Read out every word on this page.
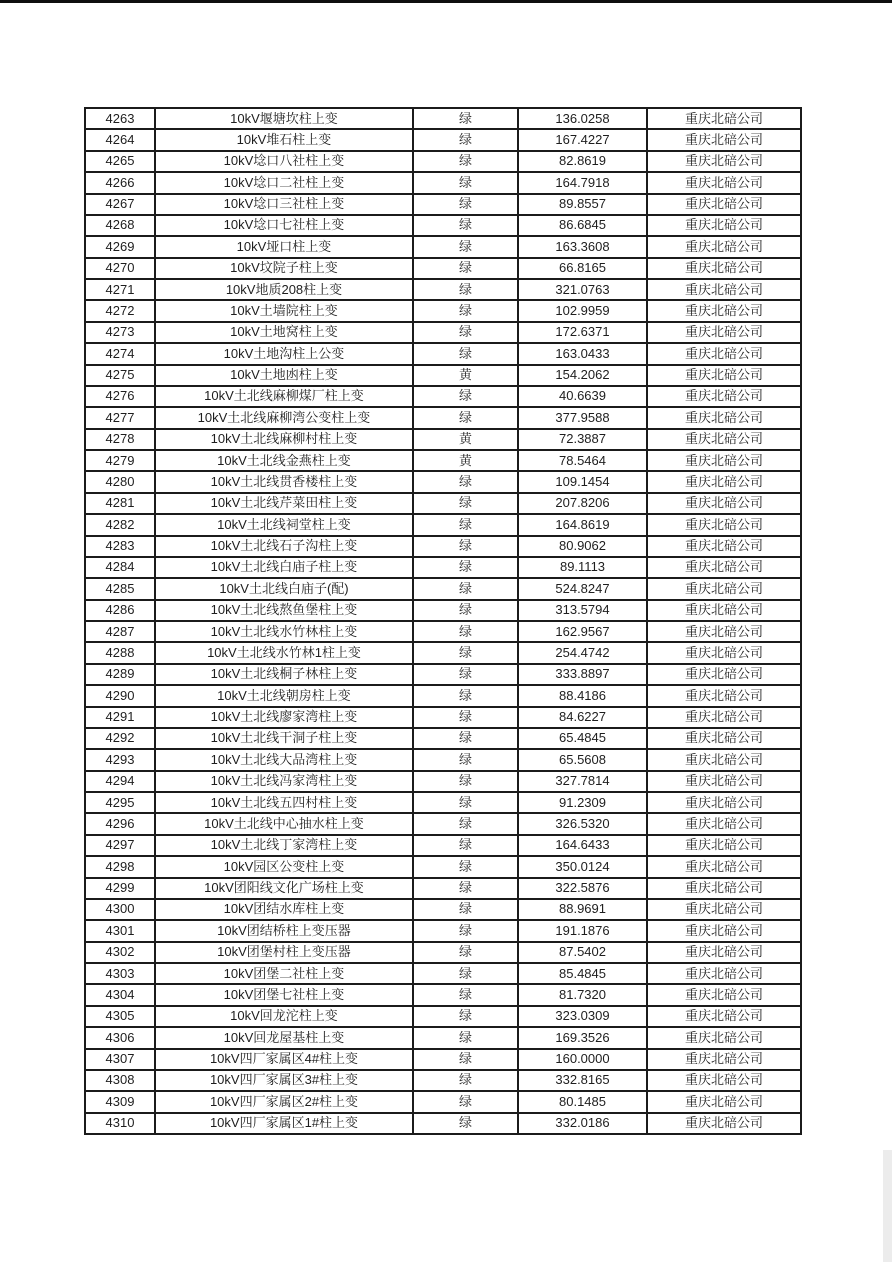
4263	10kV堰塘坎柱上变	绿	136.0258	重庆北碚公司
4264	10kV堆石柱上变	绿	167.4227	重庆北碚公司
4265	10kV埝口八社柱上变	绿	82.8619	重庆北碚公司
4266	10kV埝口二社柱上变	绿	164.7918	重庆北碚公司
4267	10kV埝口三社柱上变	绿	89.8557	重庆北碚公司
4268	10kV埝口七社柱上变	绿	86.6845	重庆北碚公司
4269	10kV垭口柱上变	绿	163.3608	重庆北碚公司
4270	10kV坟院子柱上变	绿	66.8165	重庆北碚公司
4271	10kV地质208柱上变	绿	321.0763	重庆北碚公司
4272	10kV土墙院柱上变	绿	102.9959	重庆北碚公司
4273	10kV土地窝柱上变	绿	172.6371	重庆北碚公司
4274	10kV土地沟柱上公变	绿	163.0433	重庆北碚公司
4275	10kV土地凼柱上变	黄	154.2062	重庆北碚公司
4276	10kV土北线麻柳煤厂柱上变	绿	40.6639	重庆北碚公司
4277	10kV土北线麻柳湾公变柱上变	绿	377.9588	重庆北碚公司
4278	10kV土北线麻柳村柱上变	黄	72.3887	重庆北碚公司
4279	10kV土北线金燕柱上变	黄	78.5464	重庆北碚公司
4280	10kV土北线贯香楼柱上变	绿	109.1454	重庆北碚公司
4281	10kV土北线芹菜田柱上变	绿	207.8206	重庆北碚公司
4282	10kV土北线祠堂柱上变	绿	164.8619	重庆北碚公司
4283	10kV土北线石子沟柱上变	绿	80.9062	重庆北碚公司
4284	10kV土北线白庙子柱上变	绿	89.1113	重庆北碚公司
4285	10kV土北线白庙子(配)	绿	524.8247	重庆北碚公司
4286	10kV土北线熬鱼堡柱上变	绿	313.5794	重庆北碚公司
4287	10kV土北线水竹林柱上变	绿	162.9567	重庆北碚公司
4288	10kV土北线水竹林1柱上变	绿	254.4742	重庆北碚公司
4289	10kV土北线桐子林柱上变	绿	333.8897	重庆北碚公司
4290	10kV土北线朝房柱上变	绿	88.4186	重庆北碚公司
4291	10kV土北线廖家湾柱上变	绿	84.6227	重庆北碚公司
4292	10kV土北线干洞子柱上变	绿	65.4845	重庆北碚公司
4293	10kV土北线大品湾柱上变	绿	65.5608	重庆北碚公司
4294	10kV土北线冯家湾柱上变	绿	327.7814	重庆北碚公司
4295	10kV土北线五四村柱上变	绿	91.2309	重庆北碚公司
4296	10kV土北线中心抽水柱上变	绿	326.5320	重庆北碚公司
4297	10kV土北线丁家湾柱上变	绿	164.6433	重庆北碚公司
4298	10kV园区公变柱上变	绿	350.0124	重庆北碚公司
4299	10kV团阳线文化广场柱上变	绿	322.5876	重庆北碚公司
4300	10kV团结水库柱上变	绿	88.9691	重庆北碚公司
4301	10kV团结桥柱上变压器	绿	191.1876	重庆北碚公司
4302	10kV团堡村柱上变压器	绿	87.5402	重庆北碚公司
4303	10kV团堡二社柱上变	绿	85.4845	重庆北碚公司
4304	10kV团堡七社柱上变	绿	81.7320	重庆北碚公司
4305	10kV回龙沱柱上变	绿	323.0309	重庆北碚公司
4306	10kV回龙屋基柱上变	绿	169.3526	重庆北碚公司
4307	10kV四厂家属区4#柱上变	绿	160.0000	重庆北碚公司
4308	10kV四厂家属区3#柱上变	绿	332.8165	重庆北碚公司
4309	10kV四厂家属区2#柱上变	绿	80.1485	重庆北碚公司
4310	10kV四厂家属区1#柱上变	绿	332.0186	重庆北碚公司
